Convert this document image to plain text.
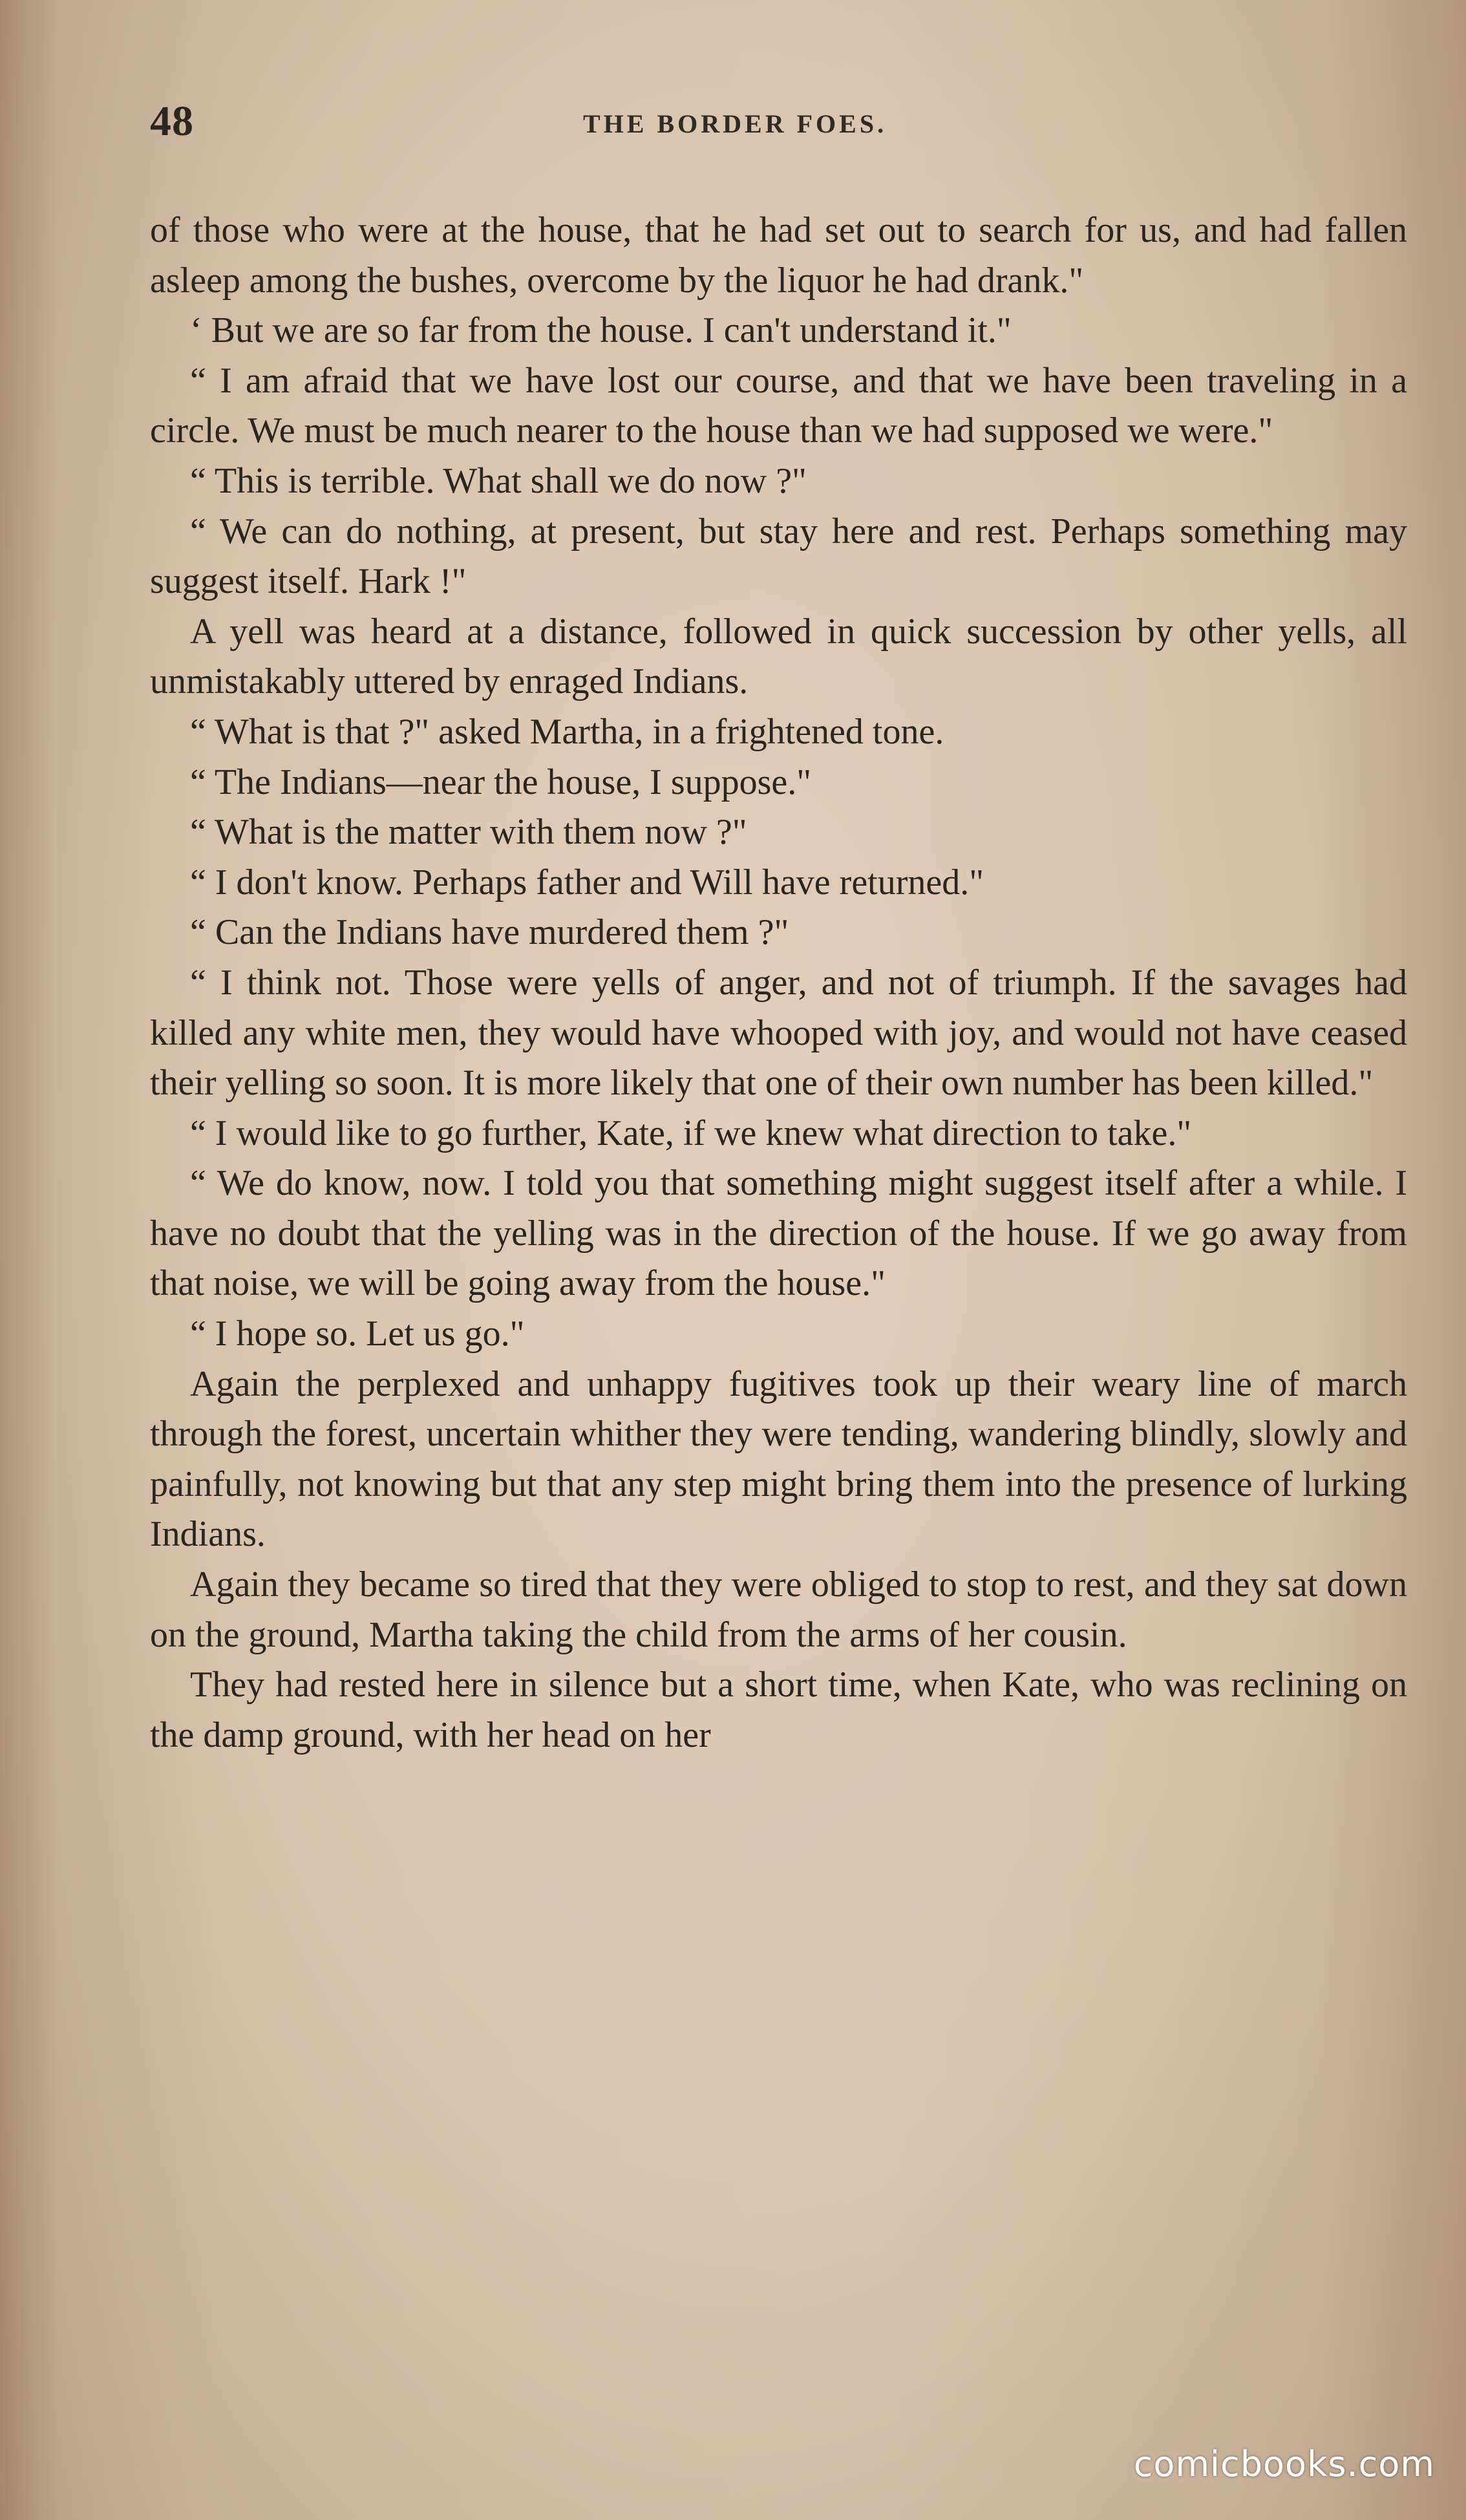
48	THE BORDER FOES.

of those who were at the house, that he had set out to search for us, and had fallen asleep among the bushes, overcome by the liquor he had drank."

‘ But we are so far from the house. I can't understand it."

“ I am afraid that we have lost our course, and that we have been traveling in a circle. We must be much nearer to the house than we had supposed we were."

“ This is terrible. What shall we do now ?"

“ We can do nothing, at present, but stay here and rest. Perhaps something may suggest itself. Hark !"

A yell was heard at a distance, followed in quick succession by other yells, all unmistakably uttered by enraged Indians.

“ What is that ?" asked Martha, in a frightened tone.

“ The Indians—near the house, I suppose."

“ What is the matter with them now ?"

“ I don't know. Perhaps father and Will have returned."

“ Can the Indians have murdered them ?"

“ I think not. Those were yells of anger, and not of triumph. If the savages had killed any white men, they would have whooped with joy, and would not have ceased their yelling so soon. It is more likely that one of their own number has been killed."

“ I would like to go further, Kate, if we knew what direction to take."

“ We do know, now. I told you that something might suggest itself after a while. I have no doubt that the yelling was in the direction of the house. If we go away from that noise, we will be going away from the house."

“ I hope so. Let us go."

Again the perplexed and unhappy fugitives took up their weary line of march through the forest, uncertain whither they were tending, wandering blindly, slowly and painfully, not knowing but that any step might bring them into the presence of lurking Indians.

Again they became so tired that they were obliged to stop to rest, and they sat down on the ground, Martha taking the child from the arms of her cousin.

They had rested here in silence but a short time, when Kate, who was reclining on the damp ground, with her head on her

comicbooks.com
